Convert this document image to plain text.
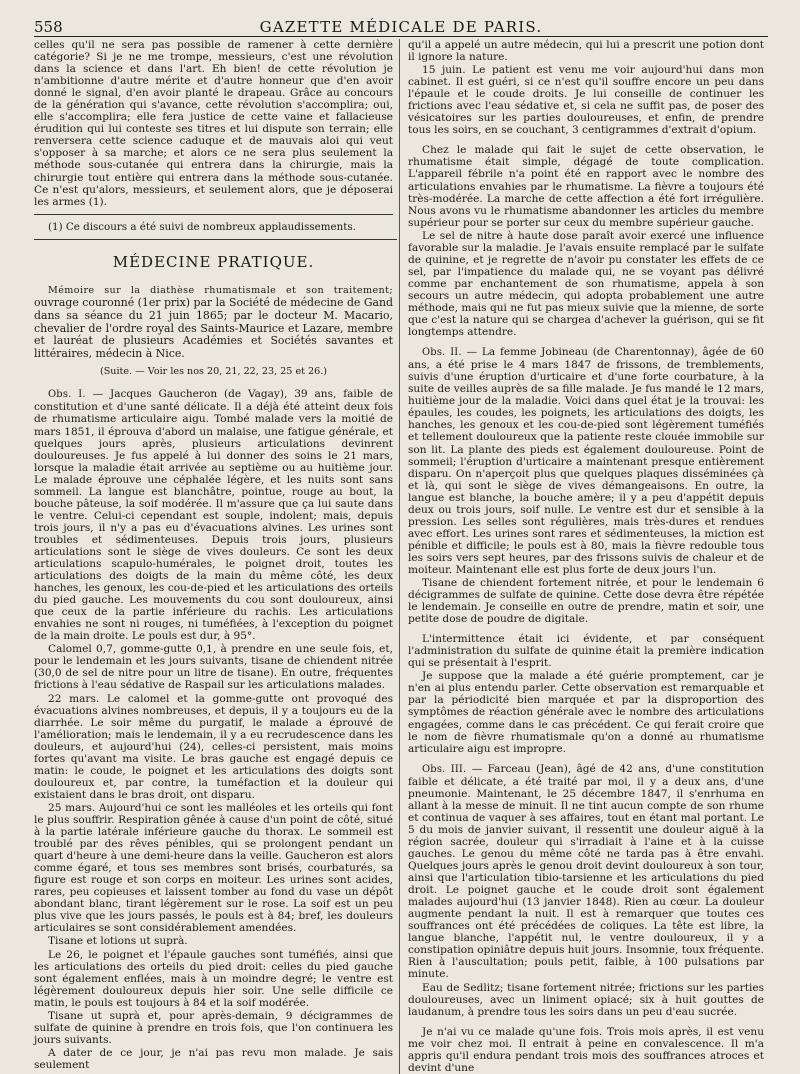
558	GAZETTE MÉDICALE DE PARIS.

celles qu'il ne sera pas possible de ramener à cette dernière catégorie? Si je ne me trompe, messieurs, c'est une révolution dans la science et dans l'art. Eh bien! de cette révolution je n'ambitionne d'autre mérite et d'autre honneur que d'en avoir donné le signal, d'en avoir planté le drapeau. Grâce au concours de la génération qui s'avance, cette révolution s'accomplira; oui, elle s'accomplira; elle fera justice de cette vaine et fallacieuse érudition qui lui conteste ses titres et lui dispute son terrain; elle renversera cette science caduque et de mauvais aloi qui veut s'opposer à sa marche; et alors ce ne sera plus seulement la méthode sous-cutanée qui entrera dans la chirurgie, mais la chirurgie tout entière qui entrera dans la méthode sous-cutanée. Ce n'est qu'alors, messieurs, et seulement alors, que je déposerai les armes (1).

(1) Ce discours a été suivi de nombreux applaudissements.

MÉDECINE PRATIQUE.

Mémoire sur la diathèse rhumatismale et son traitement; ouvrage couronné (1er prix) par la Société de médecine de Gand dans sa séance du 21 juin 1865; par le docteur M. Macario, chevalier de l'ordre royal des Saints-Maurice et Lazare, membre et lauréat de plusieurs Académies et Sociétés savantes et littéraires, médecin à Nice.

(Suite. — Voir les nos 20, 21, 22, 23, 25 et 26.)

Obs. I. — Jacques Gaucheron (de Vagay), 39 ans, faible de constitution et d'une santé délicate. Il a déjà été atteint deux fois de rhumatisme articulaire aigu. Tombé malade vers la moitié de mars 1851, il éprouva d'abord un malaise, une fatigue générale, et quelques jours après, plusieurs articulations devinrent douloureuses. Je fus appelé à lui donner des soins le 21 mars, lorsque la maladie était arrivée au septième ou au huitième jour. Le malade éprouve une céphalée légère, et les nuits sont sans sommeil. La langue est blanchâtre, pointue, rouge au bout, la bouche pâteuse, la soif modérée. Il m'assure que ça lui saute dans le ventre. Celui-ci cependant est souple, indolent; mais, depuis trois jours, il n'y a pas eu d'évacuations alvines. Les urines sont troubles et sédimenteuses. Depuis trois jours, plusieurs articulations sont le siège de vives douleurs. Ce sont les deux articulations scapulo-humérales, le poignet droit, toutes les articulations des doigts de la main du même côté, les deux hanches, les genoux, les cou-de-pied et les articulations des orteils du pied gauche. Les mouvements du cou sont douloureux, ainsi que ceux de la partie inférieure du rachis. Les articulations envahies ne sont ni rouges, ni tuméfiées, à l'exception du poignet de la main droite. Le pouls est dur, à 95°.

Calomel 0,7, gomme-gutte 0,1, à prendre en une seule fois, et, pour le lendemain et les jours suivants, tisane de chiendent nitrée (30,0 de sel de nitre pour un litre de tisane). En outre, fréquentes frictions à l'eau sédative de Raspail sur les articulations malades.

22 mars. Le calomel et la gomme-gutte ont provoqué des évacuations alvines nombreuses, et depuis, il y a toujours eu de la diarrhée. Le soir même du purgatif, le malade a éprouvé de l'amélioration; mais le lendemain, il y a eu recrudescence dans les douleurs, et aujourd'hui (24), celles-ci persistent, mais moins fortes qu'avant ma visite. Le bras gauche est engagé depuis ce matin: le coude, le poignet et les articulations des doigts sont douloureux et, par contre, la tuméfaction et la douleur qui existaient dans le bras droit, ont disparu.

25 mars. Aujourd'hui ce sont les malléoles et les orteils qui font le plus souffrir. Respiration gênée à cause d'un point de côté, situé à la partie latérale inférieure gauche du thorax. Le sommeil est troublé par des rêves pénibles, qui se prolongent pendant un quart d'heure à une demi-heure dans la veille. Gaucheron est alors comme égaré, et tous ses membres sont brisés, courbaturés, sa figure est rouge et son corps en moiteur. Les urines sont acides, rares, peu copieuses et laissent tomber au fond du vase un dépôt abondant blanc, tirant légèrement sur le rose. La soif est un peu plus vive que les jours passés, le pouls est à 84; bref, les douleurs articulaires se sont considérablement amendées.

Tisane et lotions ut suprà.

Le 26, le poignet et l'épaule gauches sont tuméfiés, ainsi que les articulations des orteils du pied droit: celles du pied gauche sont également enflées, mais à un moindre degré; le ventre est légèrement douloureux depuis hier soir. Une selle difficile ce matin, le pouls est toujours à 84 et la soif modérée.

Tisane ut suprà et, pour après-demain, 9 décigrammes de sulfate de quinine à prendre en trois fois, que l'on continuera les jours suivants.

A dater de ce jour, je n'ai pas revu mon malade. Je sais seulement

qu'il a appelé un autre médecin, qui lui a prescrit une potion dont il ignore la nature.

15 juin. Le patient est venu me voir aujourd'hui dans mon cabinet. Il est guéri, si ce n'est qu'il souffre encore un peu dans l'épaule et le coude droits. Je lui conseille de continuer les frictions avec l'eau sédative et, si cela ne suffit pas, de poser des vésicatoires sur les parties douloureuses, et enfin, de prendre tous les soirs, en se couchant, 3 centigrammes d'extrait d'opium.

Chez le malade qui fait le sujet de cette observation, le rhumatisme était simple, dégagé de toute complication. L'appareil fébrile n'a point été en rapport avec le nombre des articulations envahies par le rhumatisme. La fièvre a toujours été très-modérée. La marche de cette affection a été fort irrégulière. Nous avons vu le rhumatisme abandonner les articles du membre supérieur pour se porter sur ceux du membre supérieur gauche.

Le sel de nitre à haute dose paraît avoir exercé une influence favorable sur la maladie. Je l'avais ensuite remplacé par le sulfate de quinine, et je regrette de n'avoir pu constater les effets de ce sel, par l'impatience du malade qui, ne se voyant pas délivré comme par enchantement de son rhumatisme, appela à son secours un autre médecin, qui adopta probablement une autre méthode, mais qui ne fut pas mieux suivie que la mienne, de sorte que c'est la nature qui se chargea d'achever la guérison, qui se fit longtemps attendre.

Obs. II. — La femme Jobineau (de Charentonnay), âgée de 60 ans, a été prise le 4 mars 1847 de frissons, de tremblements, suivis d'une éruption d'urticaire et d'une forte courbature, à la suite de veilles auprès de sa fille malade. Je fus mandé le 12 mars, huitième jour de la maladie. Voici dans quel état je la trouvai: les épaules, les coudes, les poignets, les articulations des doigts, les hanches, les genoux et les cou-de-pied sont légèrement tuméfiés et tellement douloureux que la patiente reste clouée immobile sur son lit. La plante des pieds est également douloureuse. Point de sommeil; l'éruption d'urticaire a maintenant presque entièrement disparu. On n'aperçoit plus que quelques plaques disséminées çà et là, qui sont le siège de vives démangeaisons. En outre, la langue est blanche, la bouche amère; il y a peu d'appétit depuis deux ou trois jours, soif nulle. Le ventre est dur et sensible à la pression. Les selles sont régulières, mais très-dures et rendues avec effort. Les urines sont rares et sédimenteuses, la miction est pénible et difficile; le pouls est à 80, mais la fièvre redouble tous les soirs vers sept heures, par des frissons suivis de chaleur et de moiteur. Maintenant elle est plus forte de deux jours l'un.

Tisane de chiendent fortement nitrée, et pour le lendemain 6 décigrammes de sulfate de quinine. Cette dose devra être répétée le lendemain. Je conseille en outre de prendre, matin et soir, une petite dose de poudre de digitale.

L'intermittence était ici évidente, et par conséquent l'administration du sulfate de quinine était la première indication qui se présentait à l'esprit.

Je suppose que la malade a été guérie promptement, car je n'en ai plus entendu parler. Cette observation est remarquable et par la périodicité bien marquée et par la disproportion des symptômes de réaction générale avec le nombre des articulations engagées, comme dans le cas précédent. Ce qui ferait croire que le nom de fièvre rhumatismale qu'on a donné au rhumatisme articulaire aigu est impropre.

Obs. III. — Farceau (Jean), âgé de 42 ans, d'une constitution faible et délicate, a été traité par moi, il y a deux ans, d'une pneumonie. Maintenant, le 25 décembre 1847, il s'enrhuma en allant à la messe de minuit. Il ne tint aucun compte de son rhume et continua de vaquer à ses affaires, tout en étant mal portant. Le 5 du mois de janvier suivant, il ressentit une douleur aiguë à la région sacrée, douleur qui s'irradiait à l'aine et à la cuisse gauches. Le genou du même côté ne tarda pas à être envahi. Quelques jours après le genou droit devint douloureux à son tour, ainsi que l'articulation tibio-tarsienne et les articulations du pied droit. Le poignet gauche et le coude droit sont également malades aujourd'hui (13 janvier 1848). Rien au cœur. La douleur augmente pendant la nuit. Il est à remarquer que toutes ces souffrances ont été précédées de coliques. La tête est libre, la langue blanche, l'appétit nul, le ventre douloureux, il y a constipation opiniâtre depuis huit jours. Insomnie, toux fréquente. Rien à l'auscultation; pouls petit, faible, à 100 pulsations par minute.

Eau de Sedlitz; tisane fortement nitrée; frictions sur les parties douloureuses, avec un liniment opiacé; six à huit gouttes de laudanum, à prendre tous les soirs dans un peu d'eau sucrée.

Je n'ai vu ce malade qu'une fois. Trois mois après, il est venu me voir chez moi. Il entrait à peine en convalescence. Il m'a appris qu'il endura pendant trois mois des souffrances atroces et devint d'une
